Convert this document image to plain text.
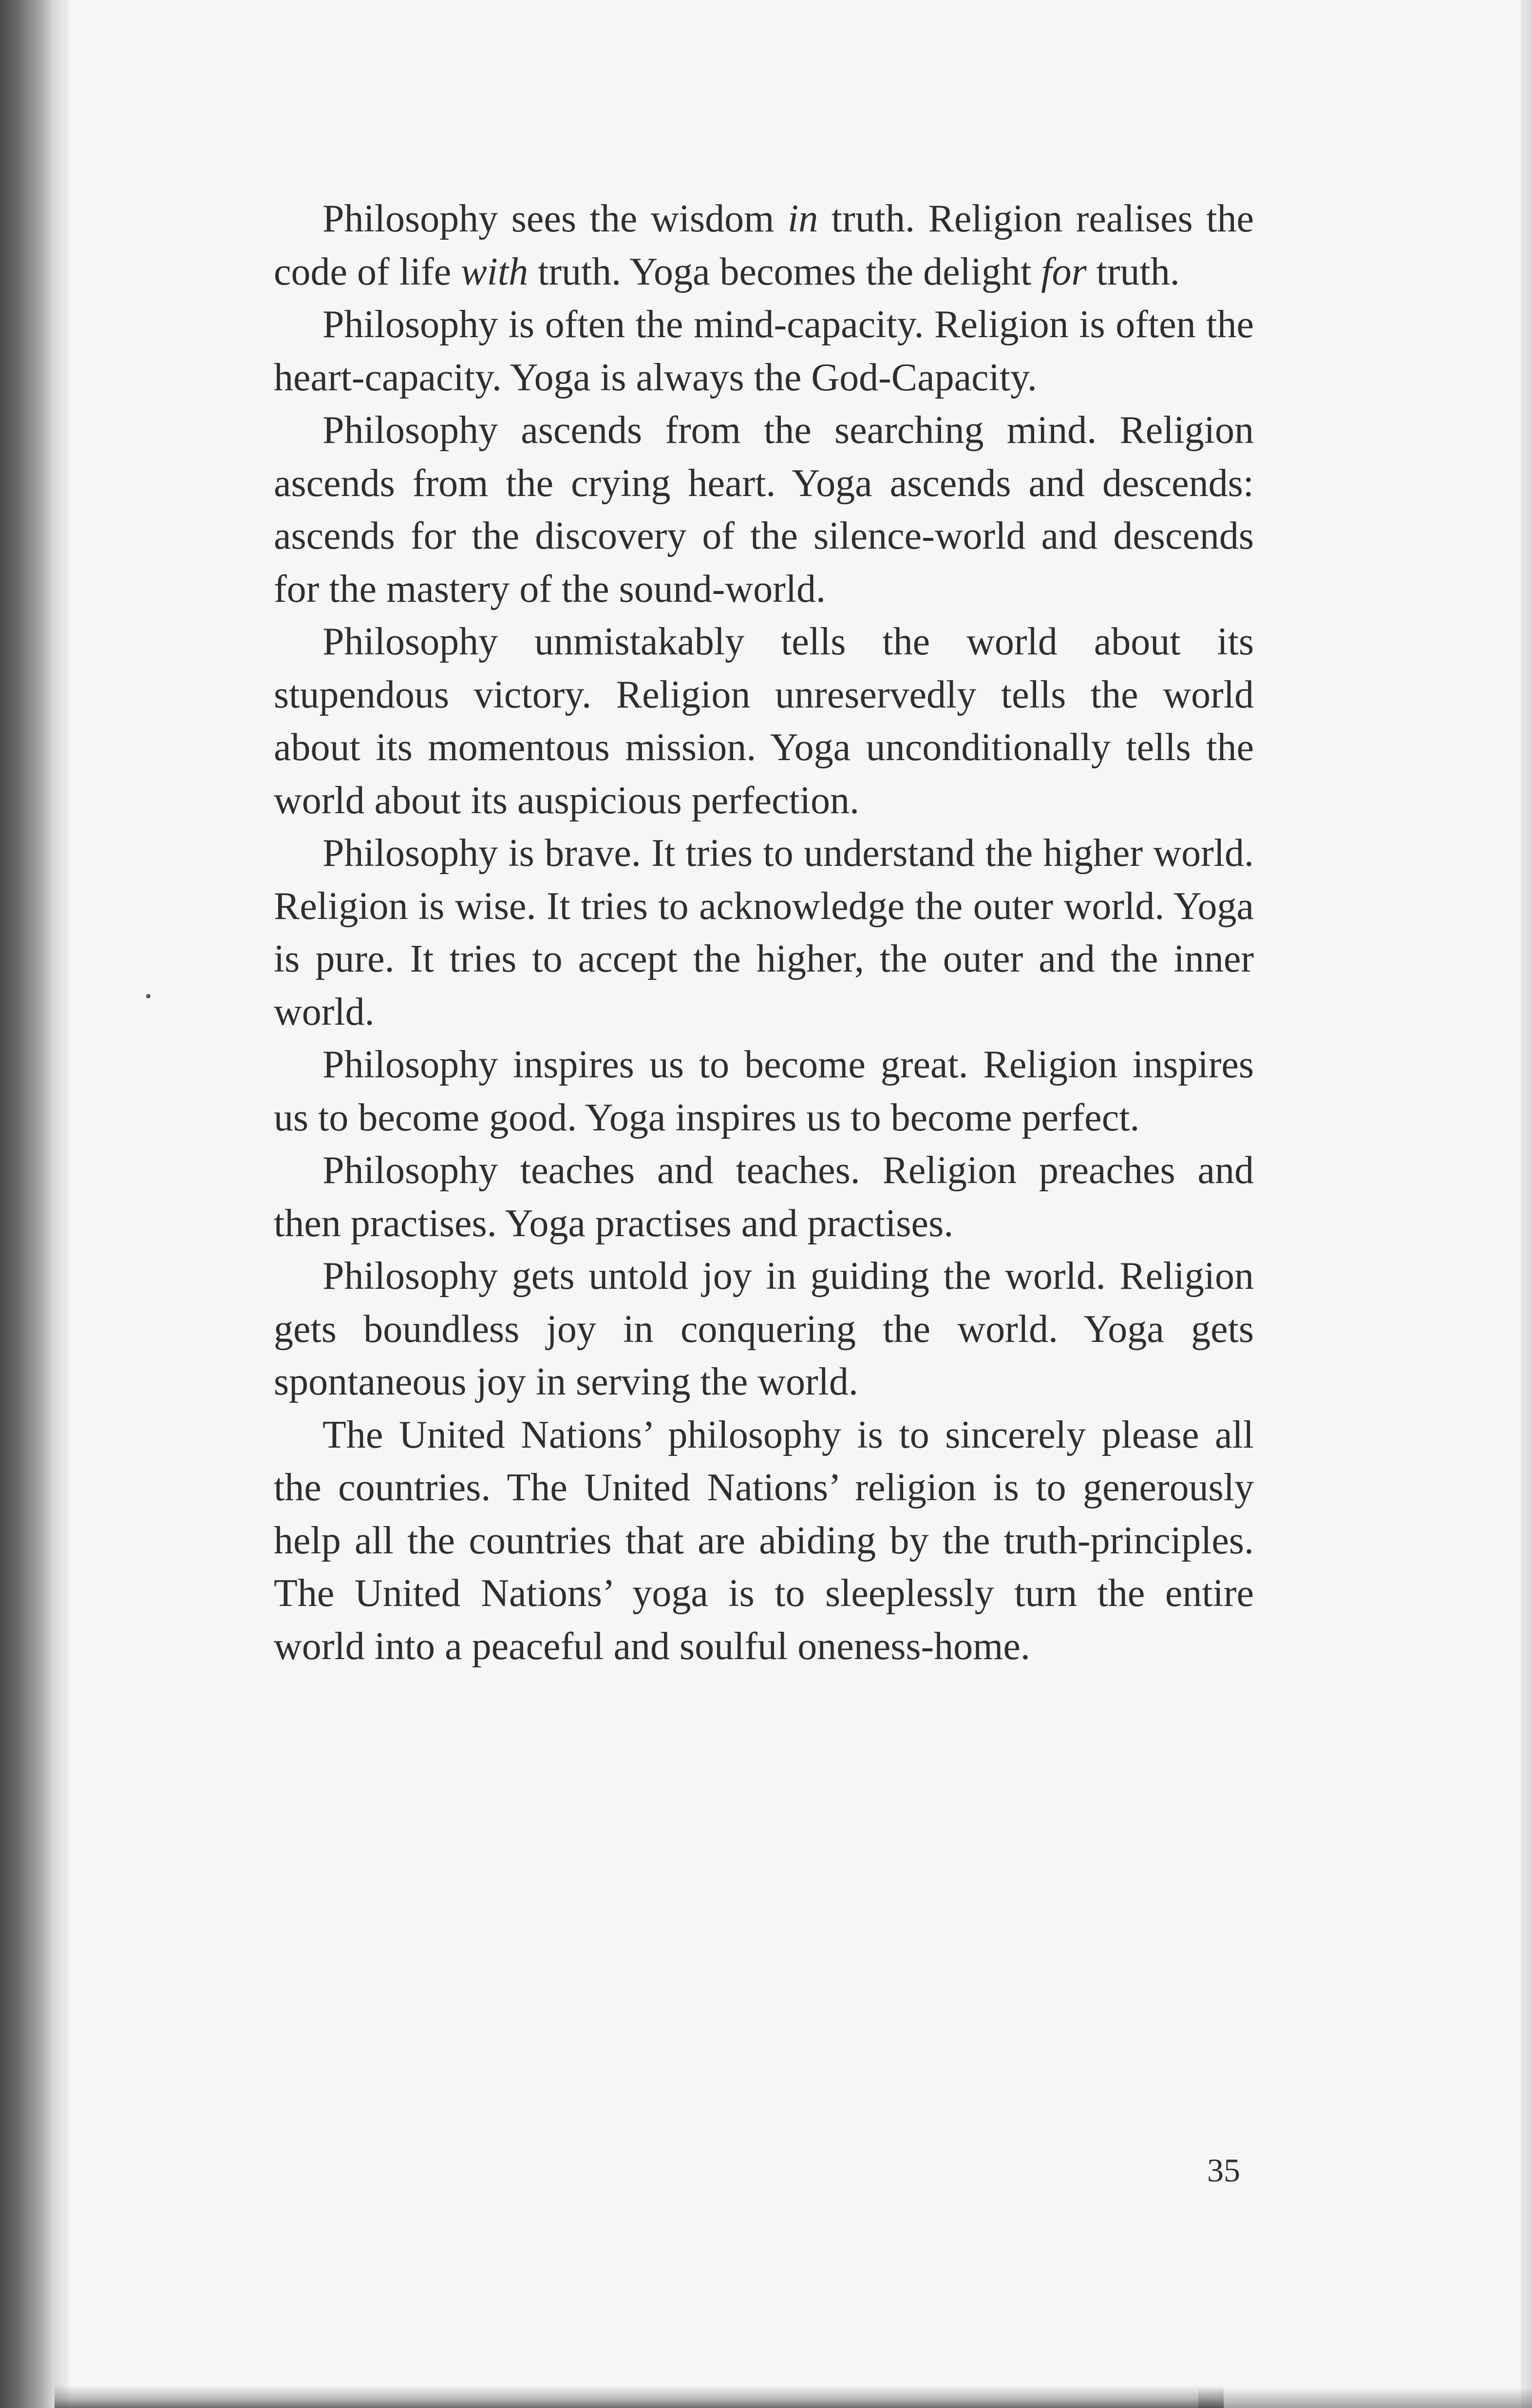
Philosophy sees the wisdom in truth. Religion realises the code of life with truth. Yoga becomes the delight for truth.

Philosophy is often the mind-capacity. Religion is often the heart-capacity. Yoga is always the God-Capacity.

Philosophy ascends from the searching mind. Religion ascends from the crying heart. Yoga ascends and descends: ascends for the discovery of the silence-world and descends for the mastery of the sound-world.

Philosophy unmistakably tells the world about its stupendous victory. Religion unreservedly tells the world about its momentous mission. Yoga unconditionally tells the world about its auspicious perfection.

Philosophy is brave. It tries to understand the higher world. Religion is wise. It tries to acknowledge the outer world. Yoga is pure. It tries to accept the higher, the outer and the inner world.

Philosophy inspires us to become great. Religion inspires us to become good. Yoga inspires us to become perfect.

Philosophy teaches and teaches. Religion preaches and then practises. Yoga practises and practises.

Philosophy gets untold joy in guiding the world. Religion gets boundless joy in conquering the world. Yoga gets spontaneous joy in serving the world.

The United Nations’ philosophy is to sincerely please all the countries. The United Nations’ religion is to generously help all the countries that are abiding by the truth-principles. The United Nations’ yoga is to sleeplessly turn the entire world into a peaceful and soulful oneness-home.

35
